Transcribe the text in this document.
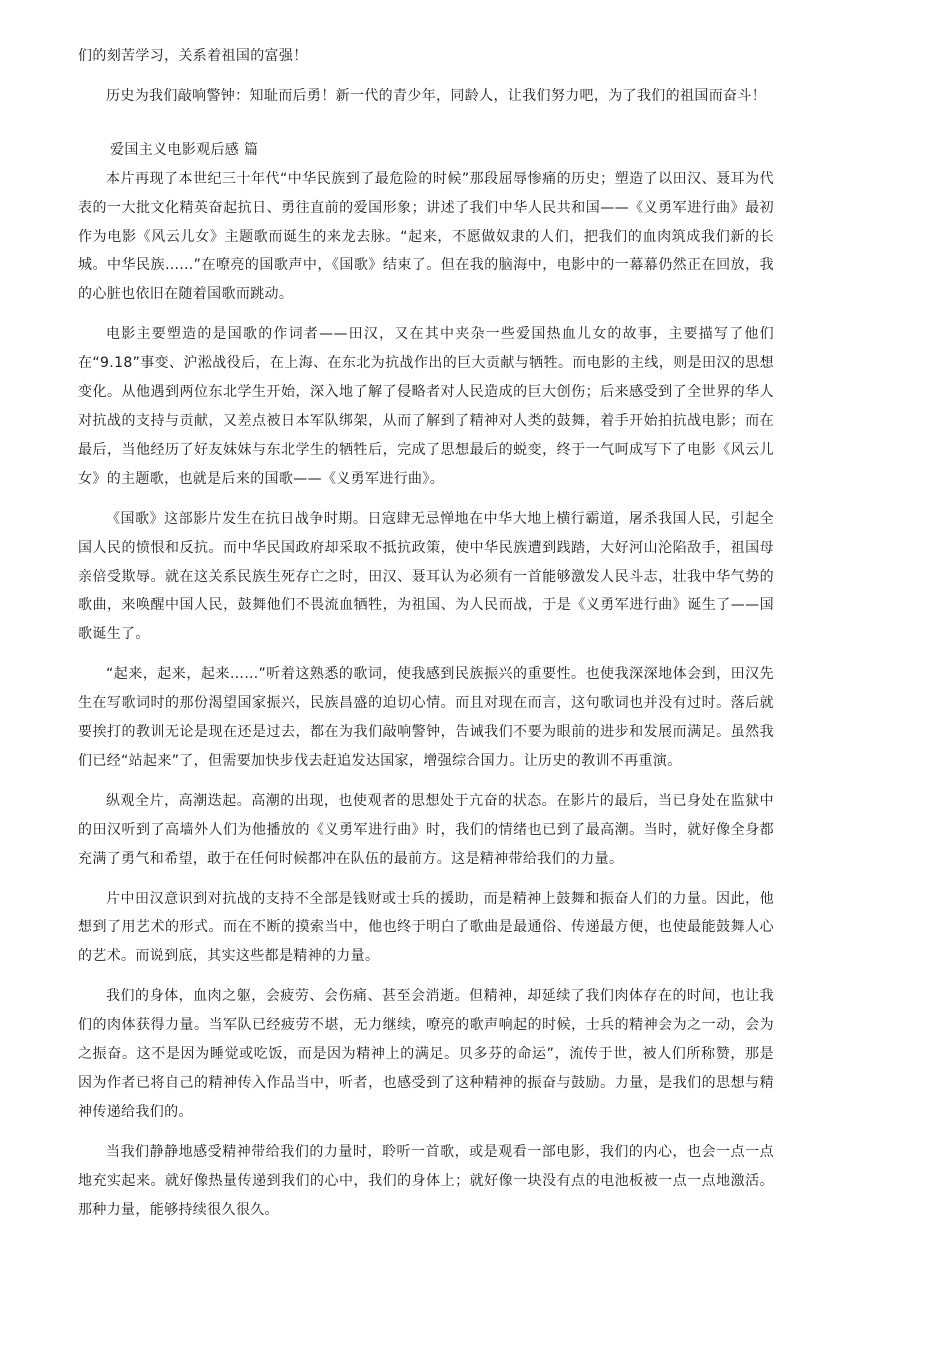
们的刻苦学习，关系着祖国的富强！

历史为我们敲响警钟：知耻而后勇！新一代的青少年，同龄人，让我们努力吧，为了我们的祖国而奋斗！

爱国主义电影观后感 篇

本片再现了本世纪三十年代“中华民族到了最危险的时候”那段屈辱惨痛的历史；塑造了以田汉、聂耳为代表的一大批文化精英奋起抗日、勇往直前的爱国形象；讲述了我们中华人民共和国——《义勇军进行曲》最初作为电影《风云儿女》主题歌而诞生的来龙去脉。“起来，不愿做奴隶的人们，把我们的血肉筑成我们新的长城。中华民族……”在嘹亮的国歌声中，《国歌》结束了。但在我的脑海中，电影中的一幕幕仍然正在回放，我的心脏也依旧在随着国歌而跳动。

电影主要塑造的是国歌的作词者——田汉，又在其中夹杂一些爱国热血儿女的故事，主要描写了他们在“9.18”事变、沪淞战役后，在上海、在东北为抗战作出的巨大贡献与牺牲。而电影的主线，则是田汉的思想变化。从他遇到两位东北学生开始，深入地了解了侵略者对人民造成的巨大创伤；后来感受到了全世界的华人对抗战的支持与贡献，又差点被日本军队绑架，从而了解到了精神对人类的鼓舞，着手开始拍抗战电影；而在最后，当他经历了好友妹妹与东北学生的牺牲后，完成了思想最后的蜕变，终于一气呵成写下了电影《风云儿女》的主题歌，也就是后来的国歌——《义勇军进行曲》。

《国歌》这部影片发生在抗日战争时期。日寇肆无忌惮地在中华大地上横行霸道，屠杀我国人民，引起全国人民的愤恨和反抗。而中华民国政府却采取不抵抗政策，使中华民族遭到践踏，大好河山沦陷敌手，祖国母亲倍受欺辱。就在这关系民族生死存亡之时，田汉、聂耳认为必须有一首能够激发人民斗志，壮我中华气势的歌曲，来唤醒中国人民，鼓舞他们不畏流血牺牲，为祖国、为人民而战，于是《义勇军进行曲》诞生了——国歌诞生了。

“起来，起来，起来……”听着这熟悉的歌词，使我感到民族振兴的重要性。也使我深深地体会到，田汉先生在写歌词时的那份渴望国家振兴，民族昌盛的迫切心情。而且对现在而言，这句歌词也并没有过时。落后就要挨打的教训无论是现在还是过去，都在为我们敲响警钟，告诫我们不要为眼前的进步和发展而满足。虽然我们已经“站起来”了，但需要加快步伐去赶追发达国家，增强综合国力。让历史的教训不再重演。

纵观全片，高潮迭起。高潮的出现，也使观者的思想处于亢奋的状态。在影片的最后，当已身处在监狱中的田汉听到了高墙外人们为他播放的《义勇军进行曲》时，我们的情绪也已到了最高潮。当时，就好像全身都充满了勇气和希望，敢于在任何时候都冲在队伍的最前方。这是精神带给我们的力量。

片中田汉意识到对抗战的支持不全部是钱财或士兵的援助，而是精神上鼓舞和振奋人们的力量。因此，他想到了用艺术的形式。而在不断的摸索当中，他也终于明白了歌曲是最通俗、传递最方便，也使最能鼓舞人心的艺术。而说到底，其实这些都是精神的力量。

我们的身体，血肉之躯，会疲劳、会伤痛、甚至会消逝。但精神，却延续了我们肉体存在的时间，也让我们的肉体获得力量。当军队已经疲劳不堪，无力继续，嘹亮的歌声响起的时候，士兵的精神会为之一动，会为之振奋。这不是因为睡觉或吃饭，而是因为精神上的满足。贝多芬的命运”，流传于世，被人们所称赞，那是因为作者已将自己的精神传入作品当中，听者，也感受到了这种精神的振奋与鼓励。力量，是我们的思想与精神传递给我们的。

当我们静静地感受精神带给我们的力量时，聆听一首歌，或是观看一部电影，我们的内心，也会一点一点地充实起来。就好像热量传递到我们的心中，我们的身体上；就好像一块没有点的电池板被一点一点地激活。那种力量，能够持续很久很久。
